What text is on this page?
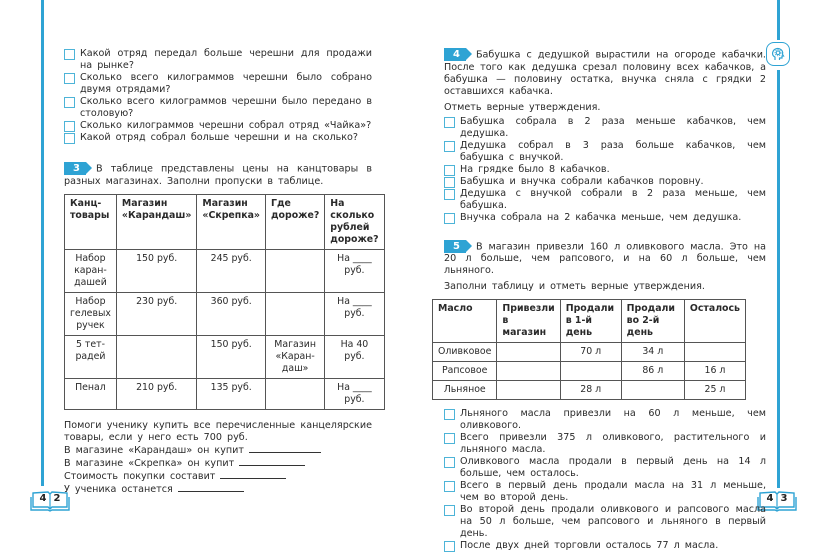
4 2	4 3
Какой отряд передал больше черешни для продажи на рынке?
Сколько всего килограммов черешни было собрано двумя отрядами?
Сколько всего килограммов черешни было передано в столовую?
Сколько килограммов черешни собрал отряд «Чайка»?
Какой отряд собрал больше черешни и на сколько?
3 В таблице представлены цены на канцтовары в разных магазинах. Заполни пропуски в таблице.
Канц-товары	Магазин «Карандаш»	Магазин «Скрепка»	Где дороже?	На сколько рублей дороже?
Набор каран-дашей	150 руб.	245 руб.		На ____ руб.
Набор гелевых ручек	230 руб.	360 руб.		На ____ руб.
5 тет-радей		150 руб.	Магазин «Каран-даш»	На 40 руб.
Пенал	210 руб.	135 руб.		На ____ руб.
Помоги ученику купить все перечисленные канцелярские товары, если у него есть 700 руб.
В магазине «Карандаш» он купит
В магазине «Скрепка» он купит
Стоимость покупки составит
У ученика останется
4 Бабушка с дедушкой вырастили на огороде кабачки. После того как дедушка срезал половину всех кабачков, а бабушка — половину остатка, внучка сняла с грядки 2 оставшихся кабачка.
Отметь верные утверждения.
Бабушка собрала в 2 раза меньше кабачков, чем дедушка.
Дедушка собрал в 3 раза больше кабачков, чем бабушка с внучкой.
На грядке было 8 кабачков.
Бабушка и внучка собрали кабачков поровну.
Дедушка с внучкой собрали в 2 раза меньше, чем бабушка.
Внучка собрала на 2 кабачка меньше, чем дедушка.
5 В магазин привезли 160 л оливкового масла. Это на 20 л больше, чем рапсового, и на 60 л больше, чем льняного.
Заполни таблицу и отметь верные утверждения.
Масло	Привезли в магазин	Продали в 1-й день	Продали во 2-й день	Осталось
Оливковое		70 л	34 л	
Рапсовое			86 л	16 л
Льняное		28 л		25 л
Льняного масла привезли на 60 л меньше, чем оливкового.
Всего привезли 375 л оливкового, растительного и льняного масла.
Оливкового масла продали в первый день на 14 л больше, чем осталось.
Всего в первый день продали масла на 31 л меньше, чем во второй день.
Во второй день продали оливкового и рапсового масла на 50 л больше, чем рапсового и льняного в первый день.
После двух дней торговли осталось 77 л масла.
